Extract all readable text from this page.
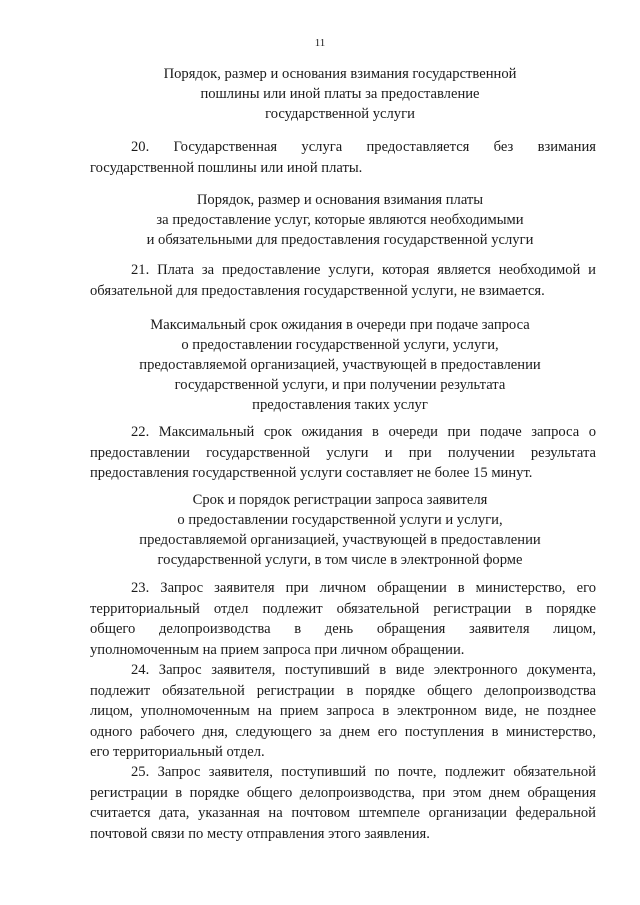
11
Порядок, размер и основания взимания государственной
пошлины или иной платы за предоставление
государственной услуги
20. Государственная услуга предоставляется без взимания
государственной пошлины или иной платы.
Порядок, размер и основания взимания платы
за предоставление услуг, которые являются необходимыми
и обязательными для предоставления государственной услуги
21. Плата за предоставление услуги, которая является необходимой и
обязательной для предоставления государственной услуги, не взимается.
Максимальный срок ожидания в очереди при подаче запроса
о предоставлении государственной услуги, услуги,
предоставляемой организацией, участвующей в предоставлении
государственной услуги, и при получении результата
предоставления таких услуг
22. Максимальный срок ожидания в очереди при подаче запроса о
предоставлении государственной услуги и при получении результата
предоставления государственной услуги составляет не более 15 минут.
Срок и порядок регистрации запроса заявителя
о предоставлении государственной услуги и услуги,
предоставляемой организацией, участвующей в предоставлении
государственной услуги, в том числе в электронной форме
23. Запрос заявителя при личном обращении в министерство, его
территориальный отдел подлежит обязательной регистрации в порядке
общего делопроизводства в день обращения заявителя лицом,
уполномоченным на прием запроса при личном обращении.
24. Запрос заявителя, поступивший в виде электронного документа,
подлежит обязательной регистрации в порядке общего делопроизводства
лицом, уполномоченным на прием запроса в электронном виде, не позднее
одного рабочего дня, следующего за днем его поступления в министерство,
его территориальный отдел.
25. Запрос заявителя, поступивший по почте, подлежит обязательной
регистрации в порядке общего делопроизводства, при этом днем обращения
считается дата, указанная на почтовом штемпеле организации федеральной
почтовой связи по месту отправления этого заявления.
